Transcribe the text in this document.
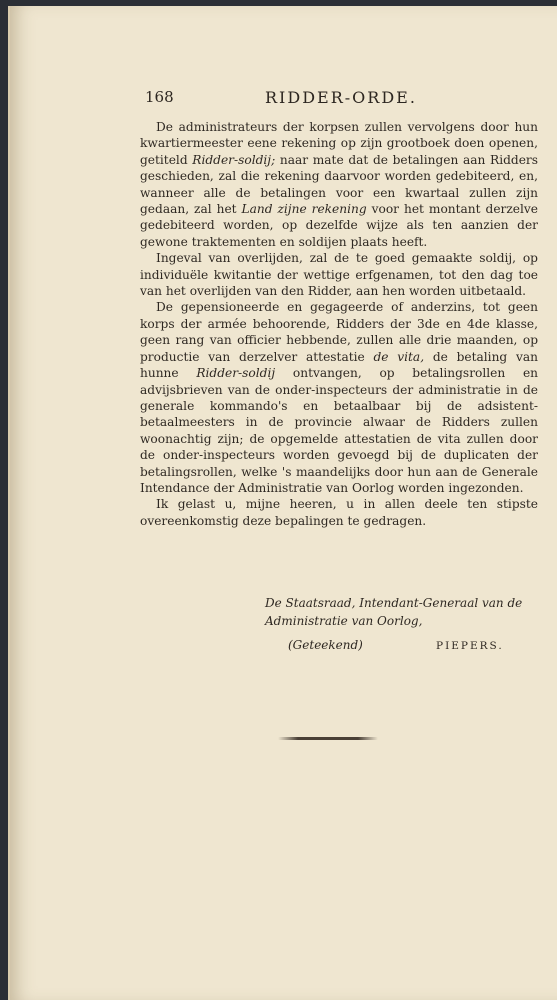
168	RIDDER-ORDE.

De administrateurs der korpsen zullen vervolgens door hun kwartiermeester eene rekening op zijn grootboek doen openen, getiteld Ridder-soldij; naar mate dat de betalingen aan Ridders geschieden, zal die rekening daarvoor worden gedebiteerd, en, wanneer alle de betalingen voor een kwartaal zullen zijn gedaan, zal het Land zijne rekening voor het montant derzelve gedebiteerd worden, op dezelfde wijze als ten aanzien der gewone traktementen en soldijen plaats heeft.

Ingeval van overlijden, zal de te goed gemaakte soldij, op individuële kwitantie der wettige erfgenamen, tot den dag toe van het overlijden van den Ridder, aan hen worden uitbetaald.

De gepensioneerde en gegageerde of anderzins, tot geen korps der armée behoorende, Ridders der 3de en 4de klasse, geen rang van officier hebbende, zullen alle drie maanden, op productie van derzelver attestatie de vita, de betaling van hunne Ridder-soldij ontvangen, op betalingsrollen en advijsbrieven van de onder-inspecteurs der administratie in de generale kommando's en betaalbaar bij de adsistent-betaalmeesters in de provincie alwaar de Ridders zullen woonachtig zijn; de opgemelde attestatien de vita zullen door de onder-inspecteurs worden gevoegd bij de duplicaten der betalingsrollen, welke 's maandelijks door hun aan de Generale Intendance der Administratie van Oorlog worden ingezonden.

Ik gelast u, mijne heeren, u in allen deele ten stipste overeenkomstig deze bepalingen te gedragen.

De Staatsraad, Intendant-Generaal van de
Administratie van Oorlog,
(Geteekend)	PIEPERS.
